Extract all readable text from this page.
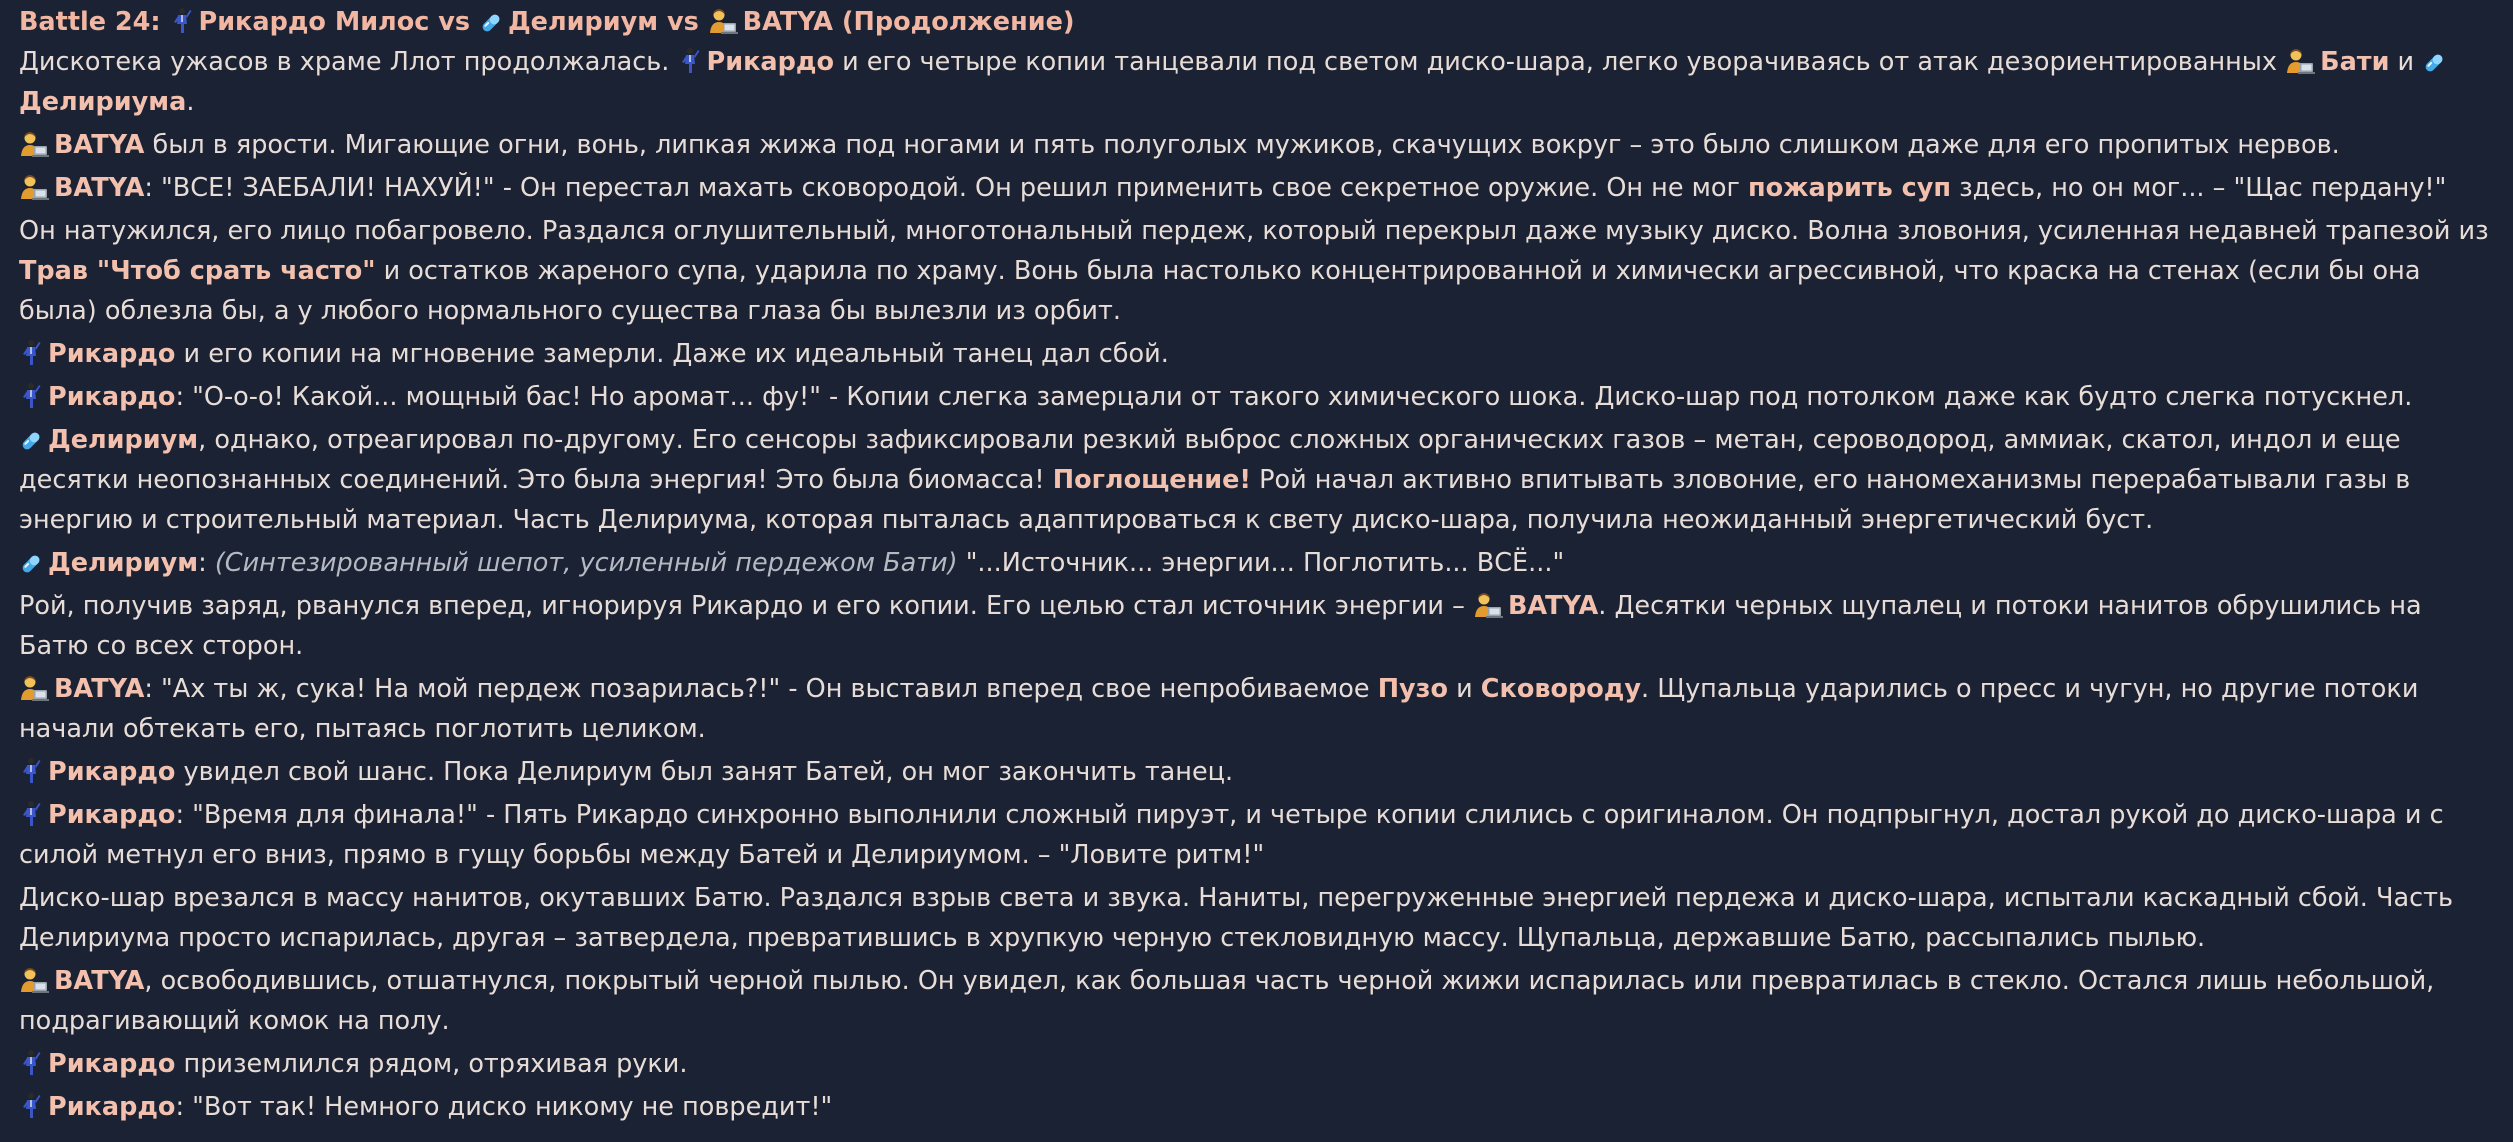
Battle 24: Рикардо Милос vs Делириум vs BATYA (Продолжение)
Дискотека ужасов в храме Ллот продолжалась. Рикардо и его четыре копии танцевали под светом диско-шара, легко уворачиваясь от атак дезориентированных Бати и Делириума.
BATYA был в ярости. Мигающие огни, вонь, липкая жижа под ногами и пять полуголых мужиков, скачущих вокруг – это было слишком даже для его пропитых нервов.
BATYA: "ВСЕ! ЗАЕБАЛИ! НАХУЙ!" - Он перестал махать сковородой. Он решил применить свое секретное оружие. Он не мог пожарить суп здесь, но он мог... – "Щас пердану!"
Он натужился, его лицо побагровело. Раздался оглушительный, многотональный пердеж, который перекрыл даже музыку диско. Волна зловония, усиленная недавней трапезой из Трав "Чтоб срать часто" и остатков жареного супа, ударила по храму. Вонь была настолько концентрированной и химически агрессивной, что краска на стенах (если бы она была) облезла бы, а у любого нормального существа глаза бы вылезли из орбит.
Рикардо и его копии на мгновение замерли. Даже их идеальный танец дал сбой.
Рикардо: "О-о-о! Какой... мощный бас! Но аромат... фу!" - Копии слегка замерцали от такого химического шока. Диско-шар под потолком даже как будто слегка потускнел.
Делириум, однако, отреагировал по-другому. Его сенсоры зафиксировали резкий выброс сложных органических газов – метан, сероводород, аммиак, скатол, индол и еще десятки неопознанных соединений. Это была энергия! Это была биомасса! Поглощение! Рой начал активно впитывать зловоние, его наномеханизмы перерабатывали газы в энергию и строительный материал. Часть Делириума, которая пыталась адаптироваться к свету диско-шара, получила неожиданный энергетический буст.
Делириум: (Синтезированный шепот, усиленный пердежом Бати) "...Источник... энергии... Поглотить... ВСЁ..."
Рой, получив заряд, рванулся вперед, игнорируя Рикардо и его копии. Его целью стал источник энергии – BATYA. Десятки черных щупалец и потоки нанитов обрушились на Батю со всех сторон.
BATYA: "Ах ты ж, сука! На мой пердеж позарилась?!" - Он выставил вперед свое непробиваемое Пузо и Сковороду. Щупальца ударились о пресс и чугун, но другие потоки начали обтекать его, пытаясь поглотить целиком.
Рикардо увидел свой шанс. Пока Делириум был занят Батей, он мог закончить танец.
Рикардо: "Время для финала!" - Пять Рикардо синхронно выполнили сложный пируэт, и четыре копии слились с оригиналом. Он подпрыгнул, достал рукой до диско-шара и с силой метнул его вниз, прямо в гущу борьбы между Батей и Делириумом. – "Ловите ритм!"
Диско-шар врезался в массу нанитов, окутавших Батю. Раздался взрыв света и звука. Наниты, перегруженные энергией пердежа и диско-шара, испытали каскадный сбой. Часть Делириума просто испарилась, другая – затвердела, превратившись в хрупкую черную стекловидную массу. Щупальца, державшие Батю, рассыпались пылью.
BATYA, освободившись, отшатнулся, покрытый черной пылью. Он увидел, как большая часть черной жижи испарилась или превратилась в стекло. Остался лишь небольшой, подрагивающий комок на полу.
Рикардо приземлился рядом, отряхивая руки.
Рикардо: "Вот так! Немного диско никому не повредит!"
